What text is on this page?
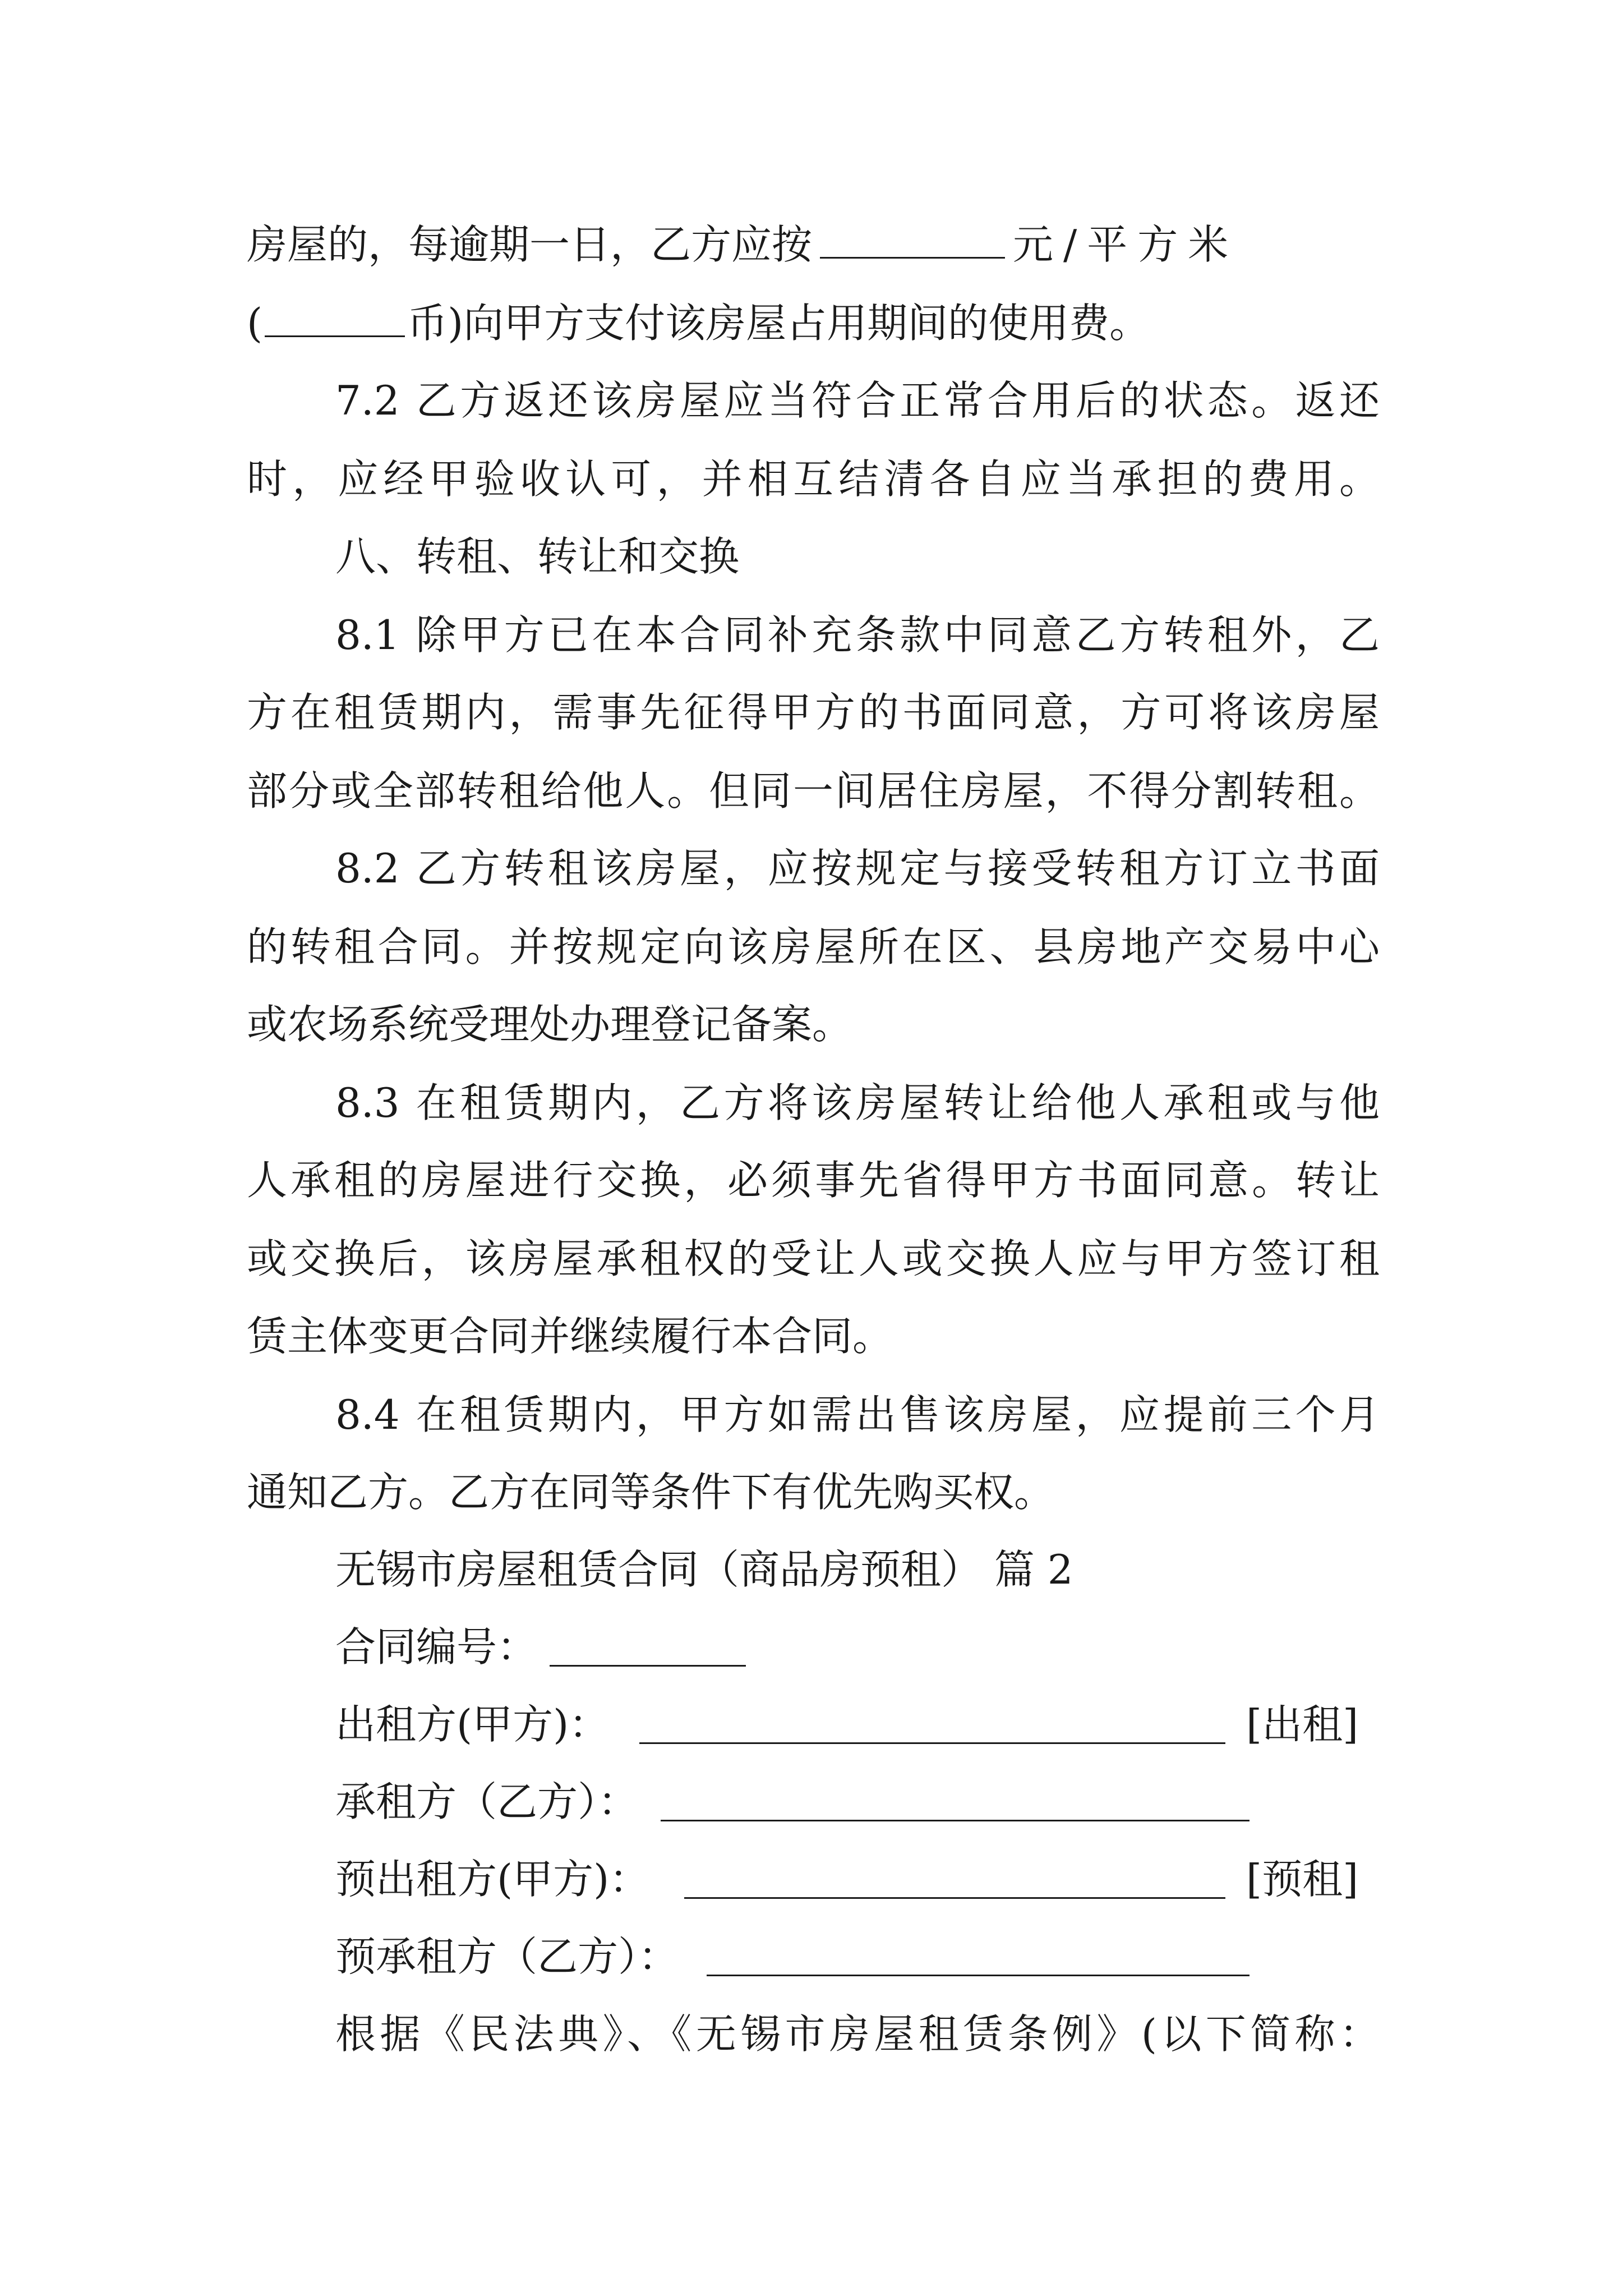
房屋的，每逾期一日，乙方应按	元/平方米
(	币)向甲方支付该房屋占用期间的使用费。
7.2 乙方返还该房屋应当符合正常合用后的状态。返还
时，应经甲验收认可，并相互结清各自应当承担的费用。
八、转租、转让和交换
8.1 除甲方已在本合同补充条款中同意乙方转租外，乙
方在租赁期内，需事先征得甲方的书面同意，方可将该房屋
部分或全部转租给他人。但同一间居住房屋，不得分割转租。
8.2 乙方转租该房屋，应按规定与接受转租方订立书面
的转租合同。并按规定向该房屋所在区、县房地产交易中心
或农场系统受理处办理登记备案。
8.3 在租赁期内，乙方将该房屋转让给他人承租或与他
人承租的房屋进行交换，必须事先省得甲方书面同意。转让
或交换后，该房屋承租权的受让人或交换人应与甲方签订租
赁主体变更合同并继续履行本合同。
8.4 在租赁期内，甲方如需出售该房屋，应提前三个月
通知乙方。乙方在同等条件下有优先购买权。
无锡市房屋租赁合同（商品房预租） 篇 2
合同编号：
出租方(甲方)：	[出租]
承租方（乙方）：
预出租方(甲方)：	[预租]
预承租方（乙方）：
根据《民法典》、《无锡市房屋租赁条例》(以下简称：
